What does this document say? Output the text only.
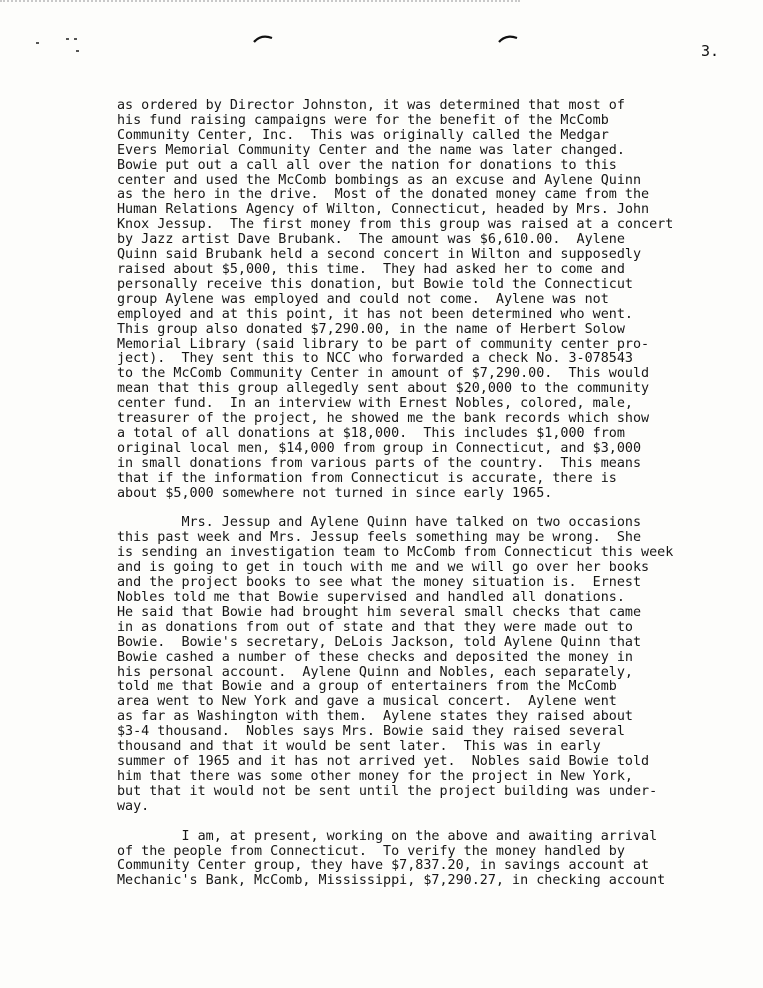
3.

as ordered by Director Johnston, it was determined that most of
his fund raising campaigns were for the benefit of the McComb
Community Center, Inc.  This was originally called the Medgar
Evers Memorial Community Center and the name was later changed.
Bowie put out a call all over the nation for donations to this
center and used the McComb bombings as an excuse and Aylene Quinn
as the hero in the drive.  Most of the donated money came from the
Human Relations Agency of Wilton, Connecticut, headed by Mrs. John
Knox Jessup.  The first money from this group was raised at a concert
by Jazz artist Dave Brubank.  The amount was $6,610.00.  Aylene
Quinn said Brubank held a second concert in Wilton and supposedly
raised about $5,000, this time.  They had asked her to come and
personally receive this donation, but Bowie told the Connecticut
group Aylene was employed and could not come.  Aylene was not
employed and at this point, it has not been determined who went.
This group also donated $7,290.00, in the name of Herbert Solow
Memorial Library (said library to be part of community center pro-
ject).  They sent this to NCC who forwarded a check No. 3-078543
to the McComb Community Center in amount of $7,290.00.  This would
mean that this group allegedly sent about $20,000 to the community
center fund.  In an interview with Ernest Nobles, colored, male,
treasurer of the project, he showed me the bank records which show
a total of all donations at $18,000.  This includes $1,000 from
original local men, $14,000 from group in Connecticut, and $3,000
in small donations from various parts of the country.  This means
that if the information from Connecticut is accurate, there is
about $5,000 somewhere not turned in since early 1965.

Mrs. Jessup and Aylene Quinn have talked on two occasions
this past week and Mrs. Jessup feels something may be wrong.  She
is sending an investigation team to McComb from Connecticut this week
and is going to get in touch with me and we will go over her books
and the project books to see what the money situation is.  Ernest
Nobles told me that Bowie supervised and handled all donations.
He said that Bowie had brought him several small checks that came
in as donations from out of state and that they were made out to
Bowie.  Bowie's secretary, DeLois Jackson, told Aylene Quinn that
Bowie cashed a number of these checks and deposited the money in
his personal account.  Aylene Quinn and Nobles, each separately,
told me that Bowie and a group of entertainers from the McComb
area went to New York and gave a musical concert.  Aylene went
as far as Washington with them.  Aylene states they raised about
$3-4 thousand.  Nobles says Mrs. Bowie said they raised several
thousand and that it would be sent later.  This was in early
summer of 1965 and it has not arrived yet.  Nobles said Bowie told
him that there was some other money for the project in New York,
but that it would not be sent until the project building was under-
way.

I am, at present, working on the above and awaiting arrival
of the people from Connecticut.  To verify the money handled by
Community Center group, they have $7,837.20, in savings account at
Mechanic's Bank, McComb, Mississippi, $7,290.27, in checking account
